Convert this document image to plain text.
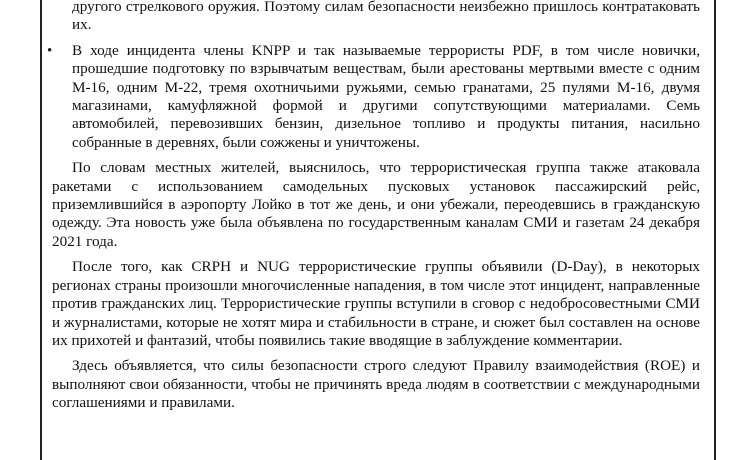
другого стрелкового оружия. Поэтому силам безопасности неизбежно пришлось контратаковать их.
• В ходе инцидента члены KNPP и так называемые террористы PDF, в том числе новички, прошедшие подготовку по взрывчатым веществам, были арестованы мертвыми вместе с одним М-16, одним М-22, тремя охотничьими ружьями, семью гранатами, 25 пулями М-16, двумя магазинами, камуфляжной формой и другими сопутствующими материалами. Семь автомобилей, перевозивших бензин, дизельное топливо и продукты питания, насильно собранные в деревнях, были сожжены и уничтожены.

По словам местных жителей, выяснилось, что террористическая группа также атаковала ракетами с использованием самодельных пусковых установок пассажирский рейс, приземлившийся в аэропорту Лойко в тот же день, и они убежали, переодевшись в гражданскую одежду. Эта новость уже была объявлена по государственным каналам СМИ и газетам 24 декабря 2021 года.

После того, как CRPH и NUG террористические группы объявили (D-Day), в некоторых регионах страны произошли многочисленные нападения, в том числе этот инцидент, направленные против гражданских лиц. Террористические группы вступили в сговор с недобросовестными СМИ и журналистами, которые не хотят мира и стабильности в стране, и сюжет был составлен на основе их прихотей и фантазий, чтобы появились такие вводящие в заблуждение комментарии.

Здесь объявляется, что силы безопасности строго следуют Правилу взаимодействия (ROE) и выполняют свои обязанности, чтобы не причинять вреда людям в соответствии с международными соглашениями и правилами.
